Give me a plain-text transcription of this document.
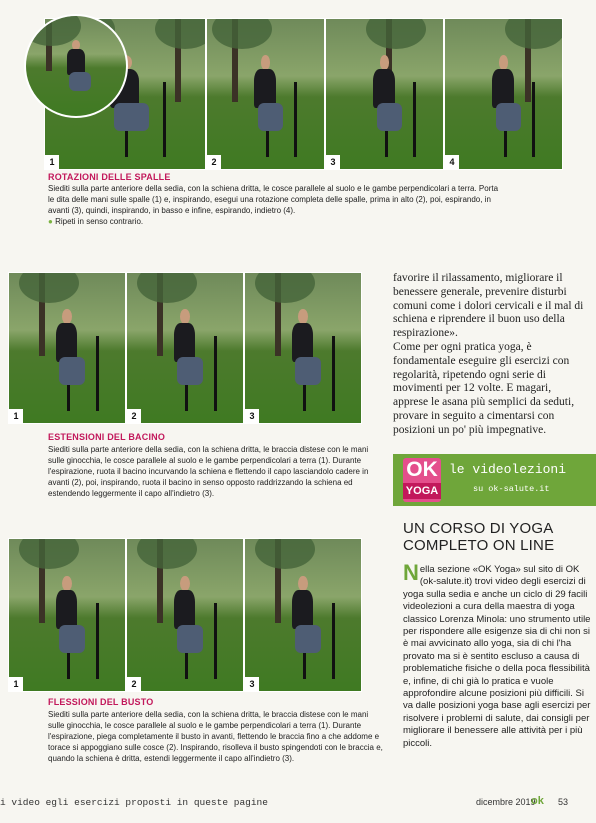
1	2	3	4
ROTAZIONI DELLE SPALLE
Siediti sulla parte anteriore della sedia, con la schiena dritta, le cosce parallele al suolo e le gambe perpendicolari a terra. Porta le dita delle mani sulle spalle (1) e, inspirando, esegui una rotazione completa delle spalle, prima in alto (2), poi, espirando, in avanti (3), quindi, inspirando, in basso e infine, espirando, indietro (4).
● Ripeti in senso contrario.
1	2	3
favorire il rilassamento, migliorare il benessere generale, prevenire disturbi comuni come i dolori cervicali e il mal di schiena e riprendere il buon uso della respirazione».
Come per ogni pratica yoga, è fondamentale eseguire gli esercizi con regolarità, ripetendo ogni serie di movimenti per 12 volte. E magari, apprese le asana più semplici da seduti, provare in seguito a cimentarsi con posizioni un po' più impegnative.
ESTENSIONI DEL BACINO
Siediti sulla parte anteriore della sedia, con la schiena dritta, le braccia distese con le mani sulle ginocchia, le cosce parallele al suolo e le gambe perpendicolari a terra (1). Durante l'espirazione, ruota il bacino incurvando la schiena e flettendo il capo lasciandolo cadere in avanti (2), poi, inspirando, ruota il bacino in senso opposto raddrizzando la schiena ed estendendo leggermente il capo all'indietro (3).
1	2	3
FLESSIONI DEL BUSTO
Siediti sulla parte anteriore della sedia, con la schiena dritta, le braccia distese con le mani sulle ginocchia, le cosce parallele al suolo e le gambe perpendicolari a terra (1). Durante l'espirazione, piega completamente il busto in avanti, flettendo le braccia fino a che addome e torace si appoggiano sulle cosce (2). Inspirando, risolleva il busto spingendoti con le braccia e, quando la schiena è dritta, estendi leggermente il capo all'indietro (3).
OK
YOGA
le videolezioni
su ok-salute.it
UN CORSO DI YOGA COMPLETO ON LINE
Nella sezione «OK Yoga» sul sito di OK (ok-salute.it) trovi video degli esercizi di yoga sulla sedia e anche un ciclo di 29 facili videolezioni a cura della maestra di yoga classico Lorenza Minola: uno strumento utile per rispondere alle esigenze sia di chi non si è mai avvicinato allo yoga, sia di chi l'ha provato ma si è sentito escluso a causa di problematiche fisiche o della poca flessibilità e, infine, di chi già lo pratica e vuole approfondire alcune posizioni più difficili. Si va dalle posizioni yoga base agli esercizi per risolvere i problemi di salute, dai consigli per migliorare il benessere alle attività per i più piccoli.
i video egli esercizi proposti in queste pagine	dicembre 2019
ok 53
